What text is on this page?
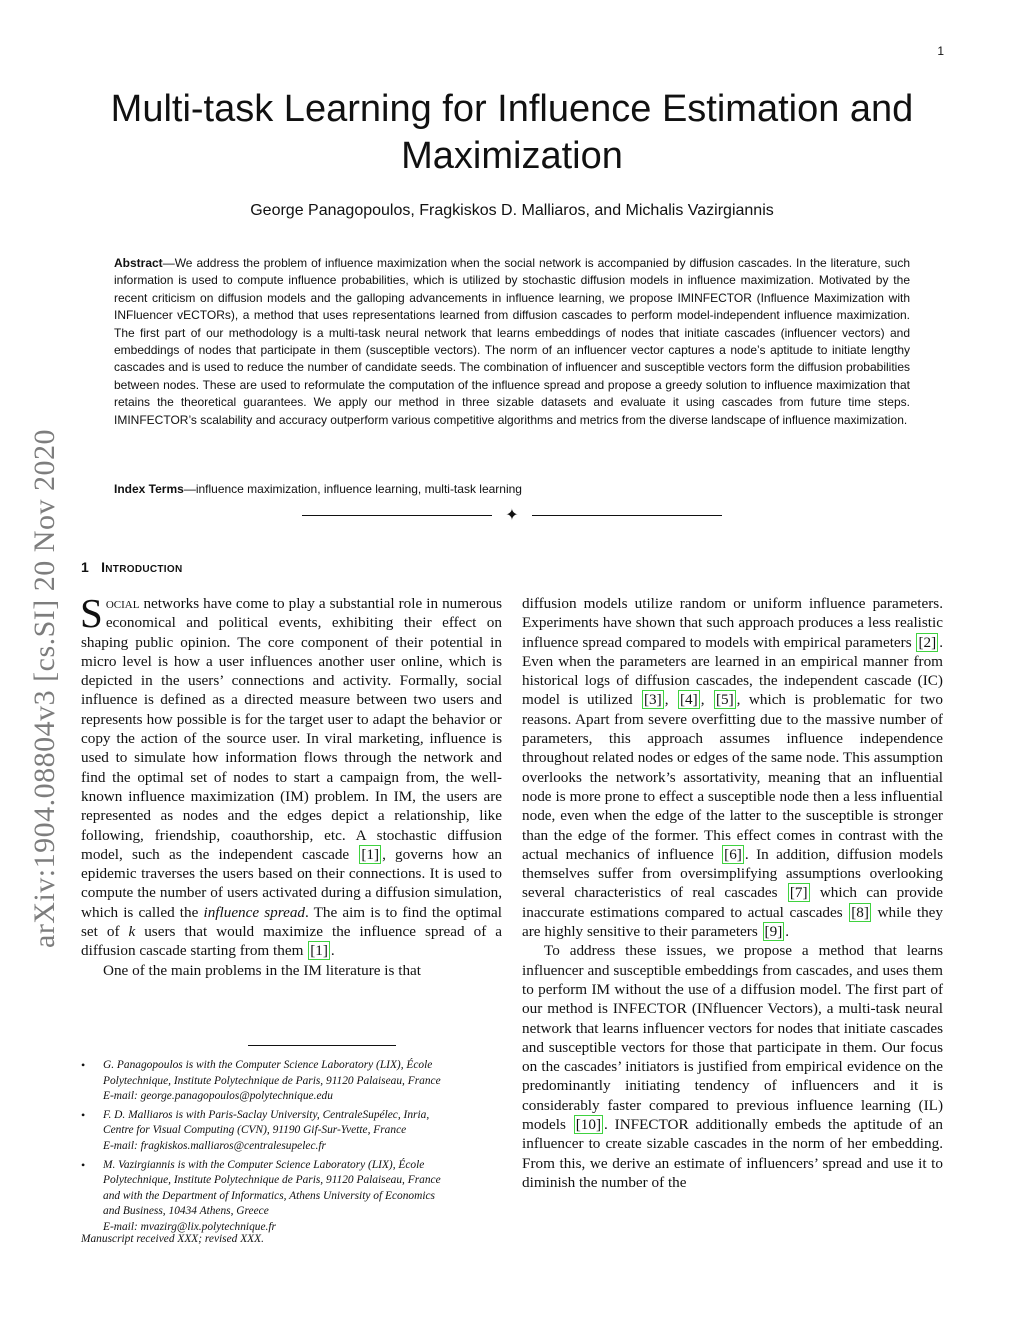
1
arXiv:1904.08804v3 [cs.SI] 20 Nov 2020
Multi-task Learning for Influence Estimation and Maximization
George Panagopoulos, Fragkiskos D. Malliaros, and Michalis Vazirgiannis
Abstract—We address the problem of influence maximization when the social network is accompanied by diffusion cascades. In the literature, such information is used to compute influence probabilities, which is utilized by stochastic diffusion models in influence maximization. Motivated by the recent criticism on diffusion models and the galloping advancements in influence learning, we propose IMINFECTOR (Influence Maximization with INFluencer vECTORs), a method that uses representations learned from diffusion cascades to perform model-independent influence maximization. The first part of our methodology is a multi-task neural network that learns embeddings of nodes that initiate cascades (influencer vectors) and embeddings of nodes that participate in them (susceptible vectors). The norm of an influencer vector captures a node’s aptitude to initiate lengthy cascades and is used to reduce the number of candidate seeds. The combination of influencer and susceptible vectors form the diffusion probabilities between nodes. These are used to reformulate the computation of the influence spread and propose a greedy solution to influence maximization that retains the theoretical guarantees. We apply our method in three sizable datasets and evaluate it using cascades from future time steps. IMINFECTOR’s scalability and accuracy outperform various competitive algorithms and metrics from the diverse landscape of influence maximization.
Index Terms—influence maximization, influence learning, multi-task learning
✦
1 Introduction

Social networks have come to play a substantial role in numerous economical and political events, exhibiting their effect on shaping public opinion. The core component of their potential in micro level is how a user influences another user online, which is depicted in the users’ connections and activity. Formally, social influence is defined as a directed measure between two users and represents how possible is for the target user to adapt the behavior or copy the action of the source user. In viral marketing, influence is used to simulate how information flows through the network and find the optimal set of nodes to start a campaign from, the well-known influence maximization (IM) problem. In IM, the users are represented as nodes and the edges depict a relationship, like following, friendship, coauthorship, etc. A stochastic diffusion model, such as the independent cascade [1] , governs how an epidemic traverses the users based on their connections. It is used to compute the number of users activated during a diffusion simulation, which is called the influence spread. The aim is to find the optimal set of k users that would maximize the influence spread of a diffusion cascade starting from them [1] .

One of the main problems in the IM literature is that

• G. Panagopoulos is with the Computer Science Laboratory (LIX), École
Polytechnique, Institute Polytechnique de Paris, 91120 Palaiseau, France
E-mail: george.panagopoulos@polytechnique.edu
• F. D. Malliaros is with Paris-Saclay University, CentraleSupélec, Inria,
Centre for Visual Computing (CVN), 91190 Gif-Sur-Yvette, France
E-mail: fragkiskos.malliaros@centralesupelec.fr
• M. Vazirgiannis is with the Computer Science Laboratory (LIX), École
Polytechnique, Institute Polytechnique de Paris, 91120 Palaiseau, France
and with the Department of Informatics, Athens University of Economics
and Business, 10434 Athens, Greece
E-mail: mvazirg@lix.polytechnique.fr
Manuscript received XXX; revised XXX.

diffusion models utilize random or uniform influence parameters. Experiments have shown that such approach produces a less realistic influence spread compared to models with empirical parameters [2] . Even when the parameters are learned in an empirical manner from historical logs of diffusion cascades, the independent cascade (IC) model is utilized [3] , [4] , [5] , which is problematic for two reasons. Apart from severe overfitting due to the massive number of parameters, this approach assumes influence independence throughout related nodes or edges of the same node. This assumption overlooks the network’s assortativity, meaning that an influential node is more prone to effect a susceptible node then a less influential node, even when the edge of the latter to the susceptible is stronger than the edge of the former. This effect comes in contrast with the actual mechanics of influence [6] . In addition, diffusion models themselves suffer from oversimplifying assumptions overlooking several characteristics of real cascades [7] which can provide inaccurate estimations compared to actual cascades [8] while they are highly sensitive to their parameters [9] .

To address these issues, we propose a method that learns influencer and susceptible embeddings from cascades, and uses them to perform IM without the use of a diffusion model. The first part of our method is INFECTOR (INfluencer Vectors), a multi-task neural network that learns influencer vectors for nodes that initiate cascades and susceptible vectors for those that participate in them. Our focus on the cascades’ initiators is justified from empirical evidence on the predominantly initiating tendency of influencers and it is considerably faster compared to previous influence learning (IL) models [10] . INFECTOR additionally embeds the aptitude of an influencer to create sizable cascades in the norm of her embedding. From this, we derive an estimate of influencers’ spread and use it to diminish the number of the
